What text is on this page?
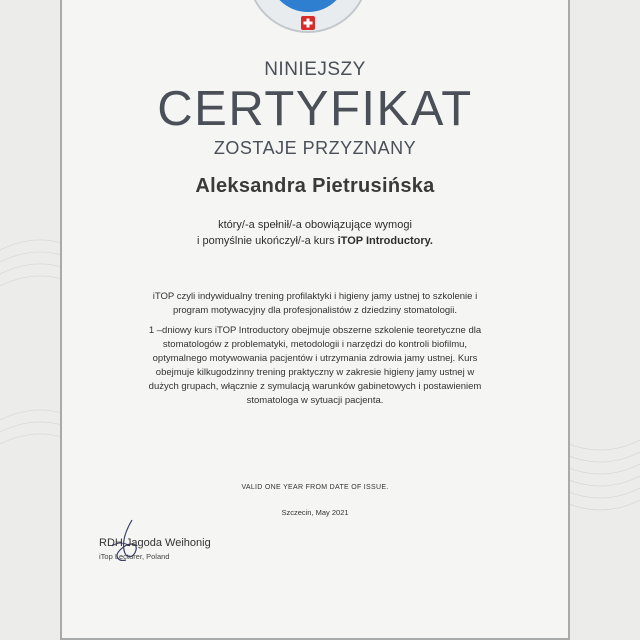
NINIEJSZY
CERTYFIKAT
ZOSTAJE PRZYZNANY
Aleksandra Pietrusińska
który/-a spełnił/-a obowiązujące wymogi
i pomyślnie ukończył/-a kurs iTOP Introductory.
iTOP czyli indywidualny trening profilaktyki i higieny jamy ustnej to szkolenie i program motywacyjny dla profesjonalistów z dziedziny stomatologii.
1 –dniowy kurs iTOP Introductory obejmuje obszerne szkolenie teoretyczne dla stomatologów z problematyki, metodologii i narzędzi do kontroli biofilmu, optymalnego motywowania pacjentów i utrzymania zdrowia jamy ustnej. Kurs obejmuje kilkugodzinny trening praktyczny w zakresie higieny jamy ustnej w dużych grupach, włącznie z symulacją warunków gabinetowych i postawieniem stomatologa w sytuacji pacjenta.
VALID ONE YEAR FROM DATE OF ISSUE.
Szczecin, May 2021
RDH Jagoda Weihonig
iTop Lecturer, Poland
